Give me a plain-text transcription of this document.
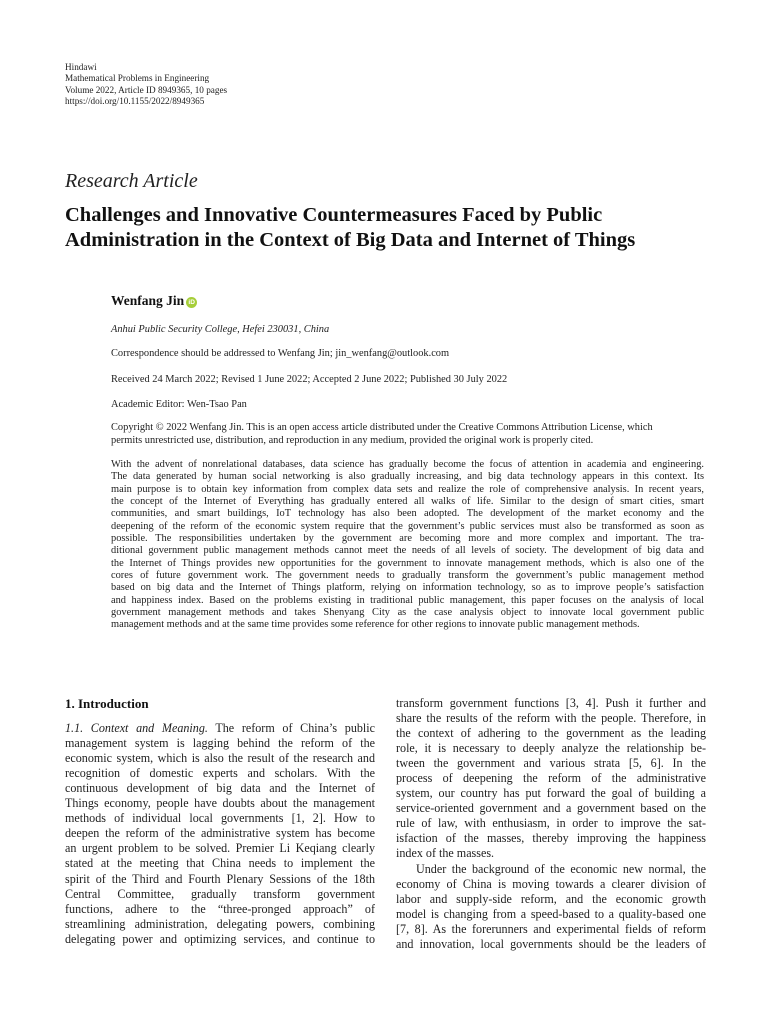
Hindawi
Mathematical Problems in Engineering
Volume 2022, Article ID 8949365, 10 pages
https://doi.org/10.1155/2022/8949365
Research Article
Challenges and Innovative Countermeasures Faced by Public
Administration in the Context of Big Data and Internet of Things
Wenfang Jin iD
Anhui Public Security College, Hefei 230031, China
Correspondence should be addressed to Wenfang Jin; jin_wenfang@outlook.com
Received 24 March 2022; Revised 1 June 2022; Accepted 2 June 2022; Published 30 July 2022
Academic Editor: Wen-Tsao Pan
Copyright © 2022 Wenfang Jin. This is an open access article distributed under the Creative Commons Attribution License, which
permits unrestricted use, distribution, and reproduction in any medium, provided the original work is properly cited.
With the advent of nonrelational databases, data science has gradually become the focus of attention in academia and engineering.
The data generated by human social networking is also gradually increasing, and big data technology appears in this context. Its
main purpose is to obtain key information from complex data sets and realize the role of comprehensive analysis. In recent years,
the concept of the Internet of Everything has gradually entered all walks of life. Similar to the design of smart cities, smart
communities, and smart buildings, IoT technology has also been adopted. The development of the market economy and the
deepening of the reform of the economic system require that the government’s public services must also be transformed as soon as
possible. The responsibilities undertaken by the government are becoming more and more complex and important. The tra-
ditional government public management methods cannot meet the needs of all levels of society. The development of big data and
the Internet of Things provides new opportunities for the government to innovate management methods, which is also one of the
cores of future government work. The government needs to gradually transform the government’s public management method
based on big data and the Internet of Things platform, relying on information technology, so as to improve people’s satisfaction
and happiness index. Based on the problems existing in traditional public management, this paper focuses on the analysis of local
government management methods and takes Shenyang City as the case analysis object to innovate local government public
management methods and at the same time provides some reference for other regions to innovate public management methods.
1. Introduction
1.1. Context and Meaning. The reform of China’s public
management system is lagging behind the reform of the
economic system, which is also the result of the research and
recognition of domestic experts and scholars. With the
continuous development of big data and the Internet of
Things economy, people have doubts about the management
methods of individual local governments [1, 2]. How to
deepen the reform of the administrative system has become
an urgent problem to be solved. Premier Li Keqiang clearly
stated at the meeting that China needs to implement the
spirit of the Third and Fourth Plenary Sessions of the 18th
Central Committee, gradually transform government
functions, adhere to the “three-pronged approach” of
streamlining administration, delegating powers, combining
delegating power and optimizing services, and continue to
transform government functions [3, 4]. Push it further and
share the results of the reform with the people. Therefore, in
the context of adhering to the government as the leading
role, it is necessary to deeply analyze the relationship be-
tween the government and various strata [5, 6]. In the
process of deepening the reform of the administrative
system, our country has put forward the goal of building a
service-oriented government and a government based on the
rule of law, with enthusiasm, in order to improve the sat-
isfaction of the masses, thereby improving the happiness
index of the masses.
Under the background of the economic new normal, the
economy of China is moving towards a clearer division of
labor and supply-side reform, and the economic growth
model is changing from a speed-based to a quality-based one
[7, 8]. As the forerunners and experimental fields of reform
and innovation, local governments should be the leaders of
